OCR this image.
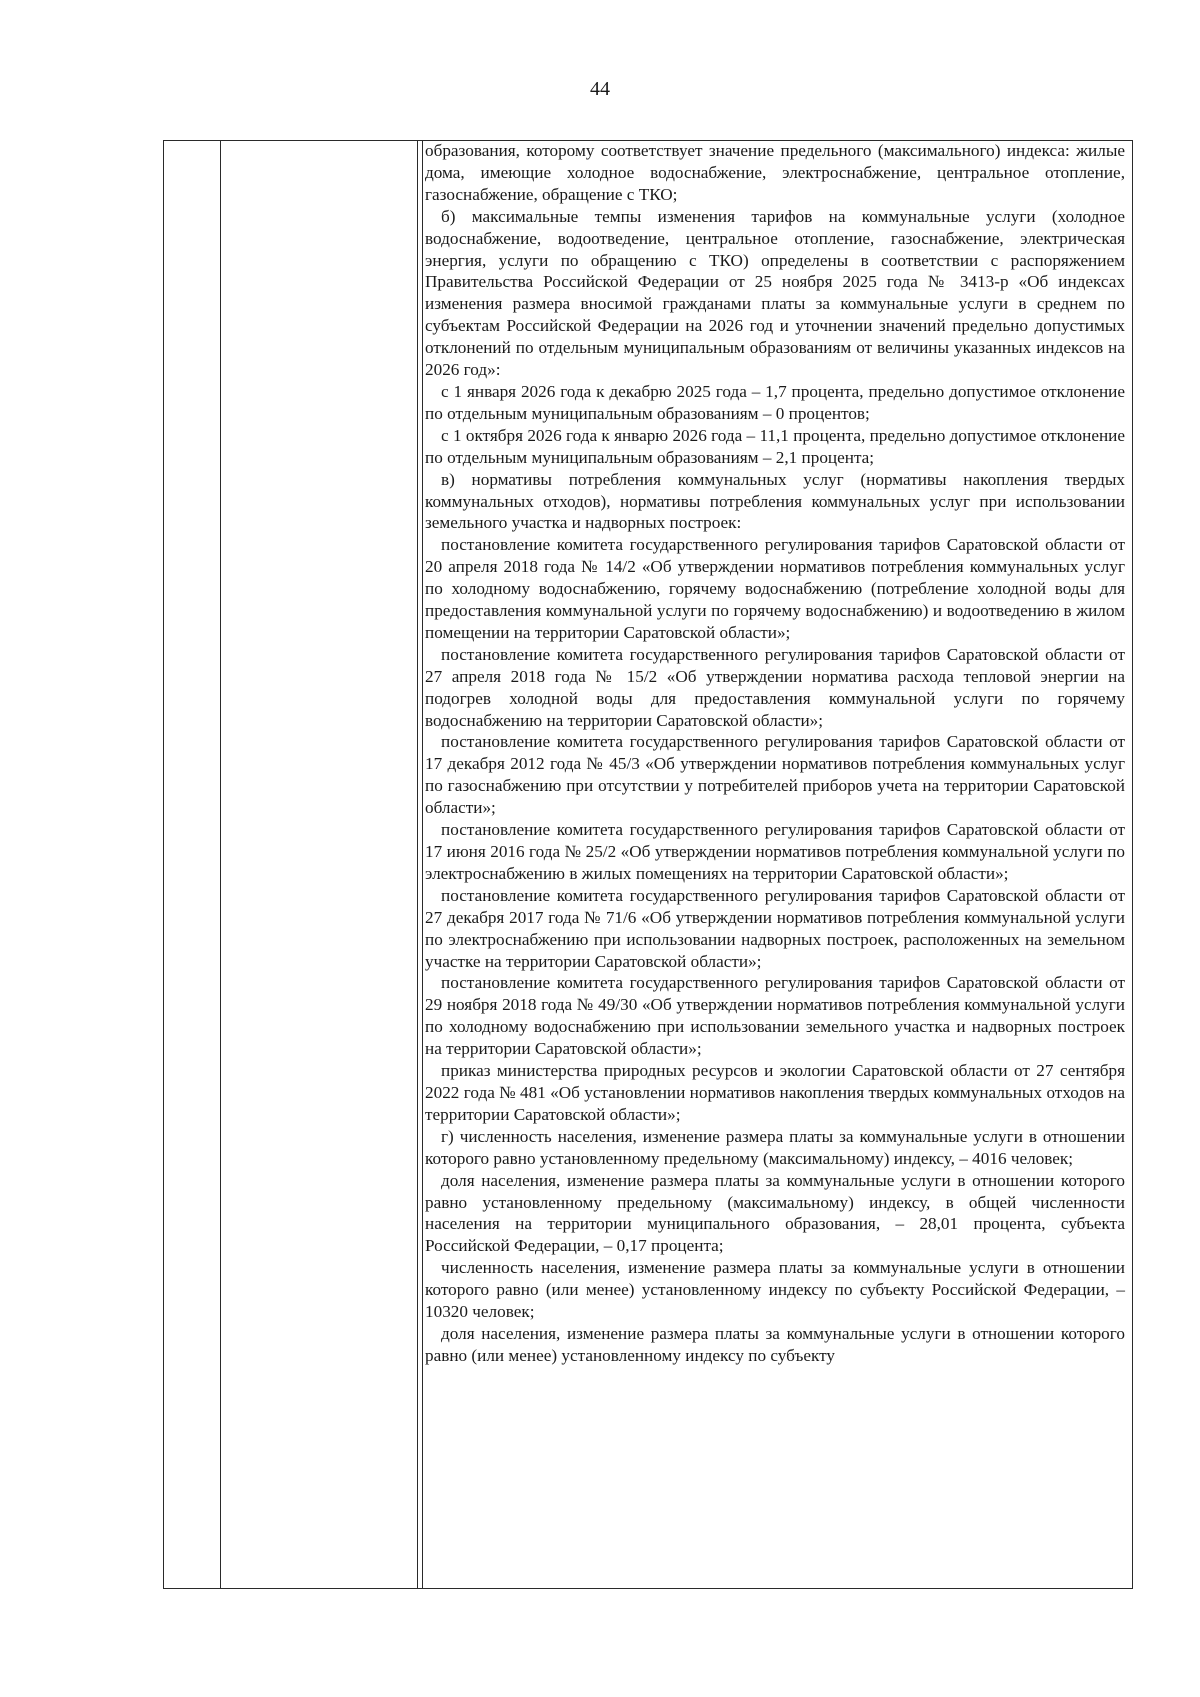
44

образования, которому соответствует значение предельного (максимального) индекса: жилые дома, имеющие холодное водоснабжение, электроснабжение, центральное отопление, газоснабжение, обращение с ТКО;

б) максимальные темпы изменения тарифов на коммунальные услуги (холодное водоснабжение, водоотведение, центральное отопление, газоснабжение, электрическая энергия, услуги по обращению с ТКО) определены в соответствии с распоряжением Правительства Российской Федерации от 25 ноября 2025 года № 3413-р «Об индексах изменения размера вносимой гражданами платы за коммунальные услуги в среднем по субъектам Российской Федерации на 2026 год и уточнении значений предельно допустимых отклонений по отдельным муниципальным образованиям от величины указанных индексов на 2026 год»:

с 1 января 2026 года к декабрю 2025 года – 1,7 процента, предельно допустимое отклонение по отдельным муниципальным образованиям – 0 процентов;

с 1 октября 2026 года к январю 2026 года – 11,1 процента, предельно допустимое отклонение по отдельным муниципальным образованиям – 2,1 процента;

в) нормативы потребления коммунальных услуг (нормативы накопления твердых коммунальных отходов), нормативы потребления коммунальных услуг при использовании земельного участка и надворных построек:

постановление комитета государственного регулирования тарифов Саратовской области от 20 апреля 2018 года № 14/2 «Об утверждении нормативов потребления коммунальных услуг по холодному водоснабжению, горячему водоснабжению (потребление холодной воды для предоставления коммунальной услуги по горячему водоснабжению) и водоотведению в жилом помещении на территории Саратовской области»;

постановление комитета государственного регулирования тарифов Саратовской области от 27 апреля 2018 года № 15/2 «Об утверждении норматива расхода тепловой энергии на подогрев холодной воды для предоставления коммунальной услуги по горячему водоснабжению на территории Саратовской области»;

постановление комитета государственного регулирования тарифов Саратовской области от 17 декабря 2012 года № 45/3 «Об утверждении нормативов потребления коммунальных услуг по газоснабжению при отсутствии у потребителей приборов учета на территории Саратовской области»;

постановление комитета государственного регулирования тарифов Саратовской области от 17 июня 2016 года № 25/2 «Об утверждении нормативов потребления коммунальной услуги по электроснабжению в жилых помещениях на территории Саратовской области»;

постановление комитета государственного регулирования тарифов Саратовской области от 27 декабря 2017 года № 71/6 «Об утверждении нормативов потребления коммунальной услуги по электроснабжению при использовании надворных построек, расположенных на земельном участке на территории Саратовской области»;

постановление комитета государственного регулирования тарифов Саратовской области от 29 ноября 2018 года № 49/30 «Об утверждении нормативов потребления коммунальной услуги по холодному водоснабжению при использовании земельного участка и надворных построек на территории Саратовской области»;

приказ министерства природных ресурсов и экологии Саратовской области от 27 сентября 2022 года № 481 «Об установлении нормативов накопления твердых коммунальных отходов на территории Саратовской области»;

г) численность населения, изменение размера платы за коммунальные услуги в отношении которого равно установленному предельному (максимальному) индексу, – 4016 человек;

доля населения, изменение размера платы за коммунальные услуги в отношении которого равно установленному предельному (максимальному) индексу, в общей численности населения на территории муниципального образования, – 28,01 процента, субъекта Российской Федерации, – 0,17 процента;

численность населения, изменение размера платы за коммунальные услуги в отношении которого равно (или менее) установленному индексу по субъекту Российской Федерации, – 10320 человек;

доля населения, изменение размера платы за коммунальные услуги в отношении которого равно (или менее) установленному индексу по субъекту
